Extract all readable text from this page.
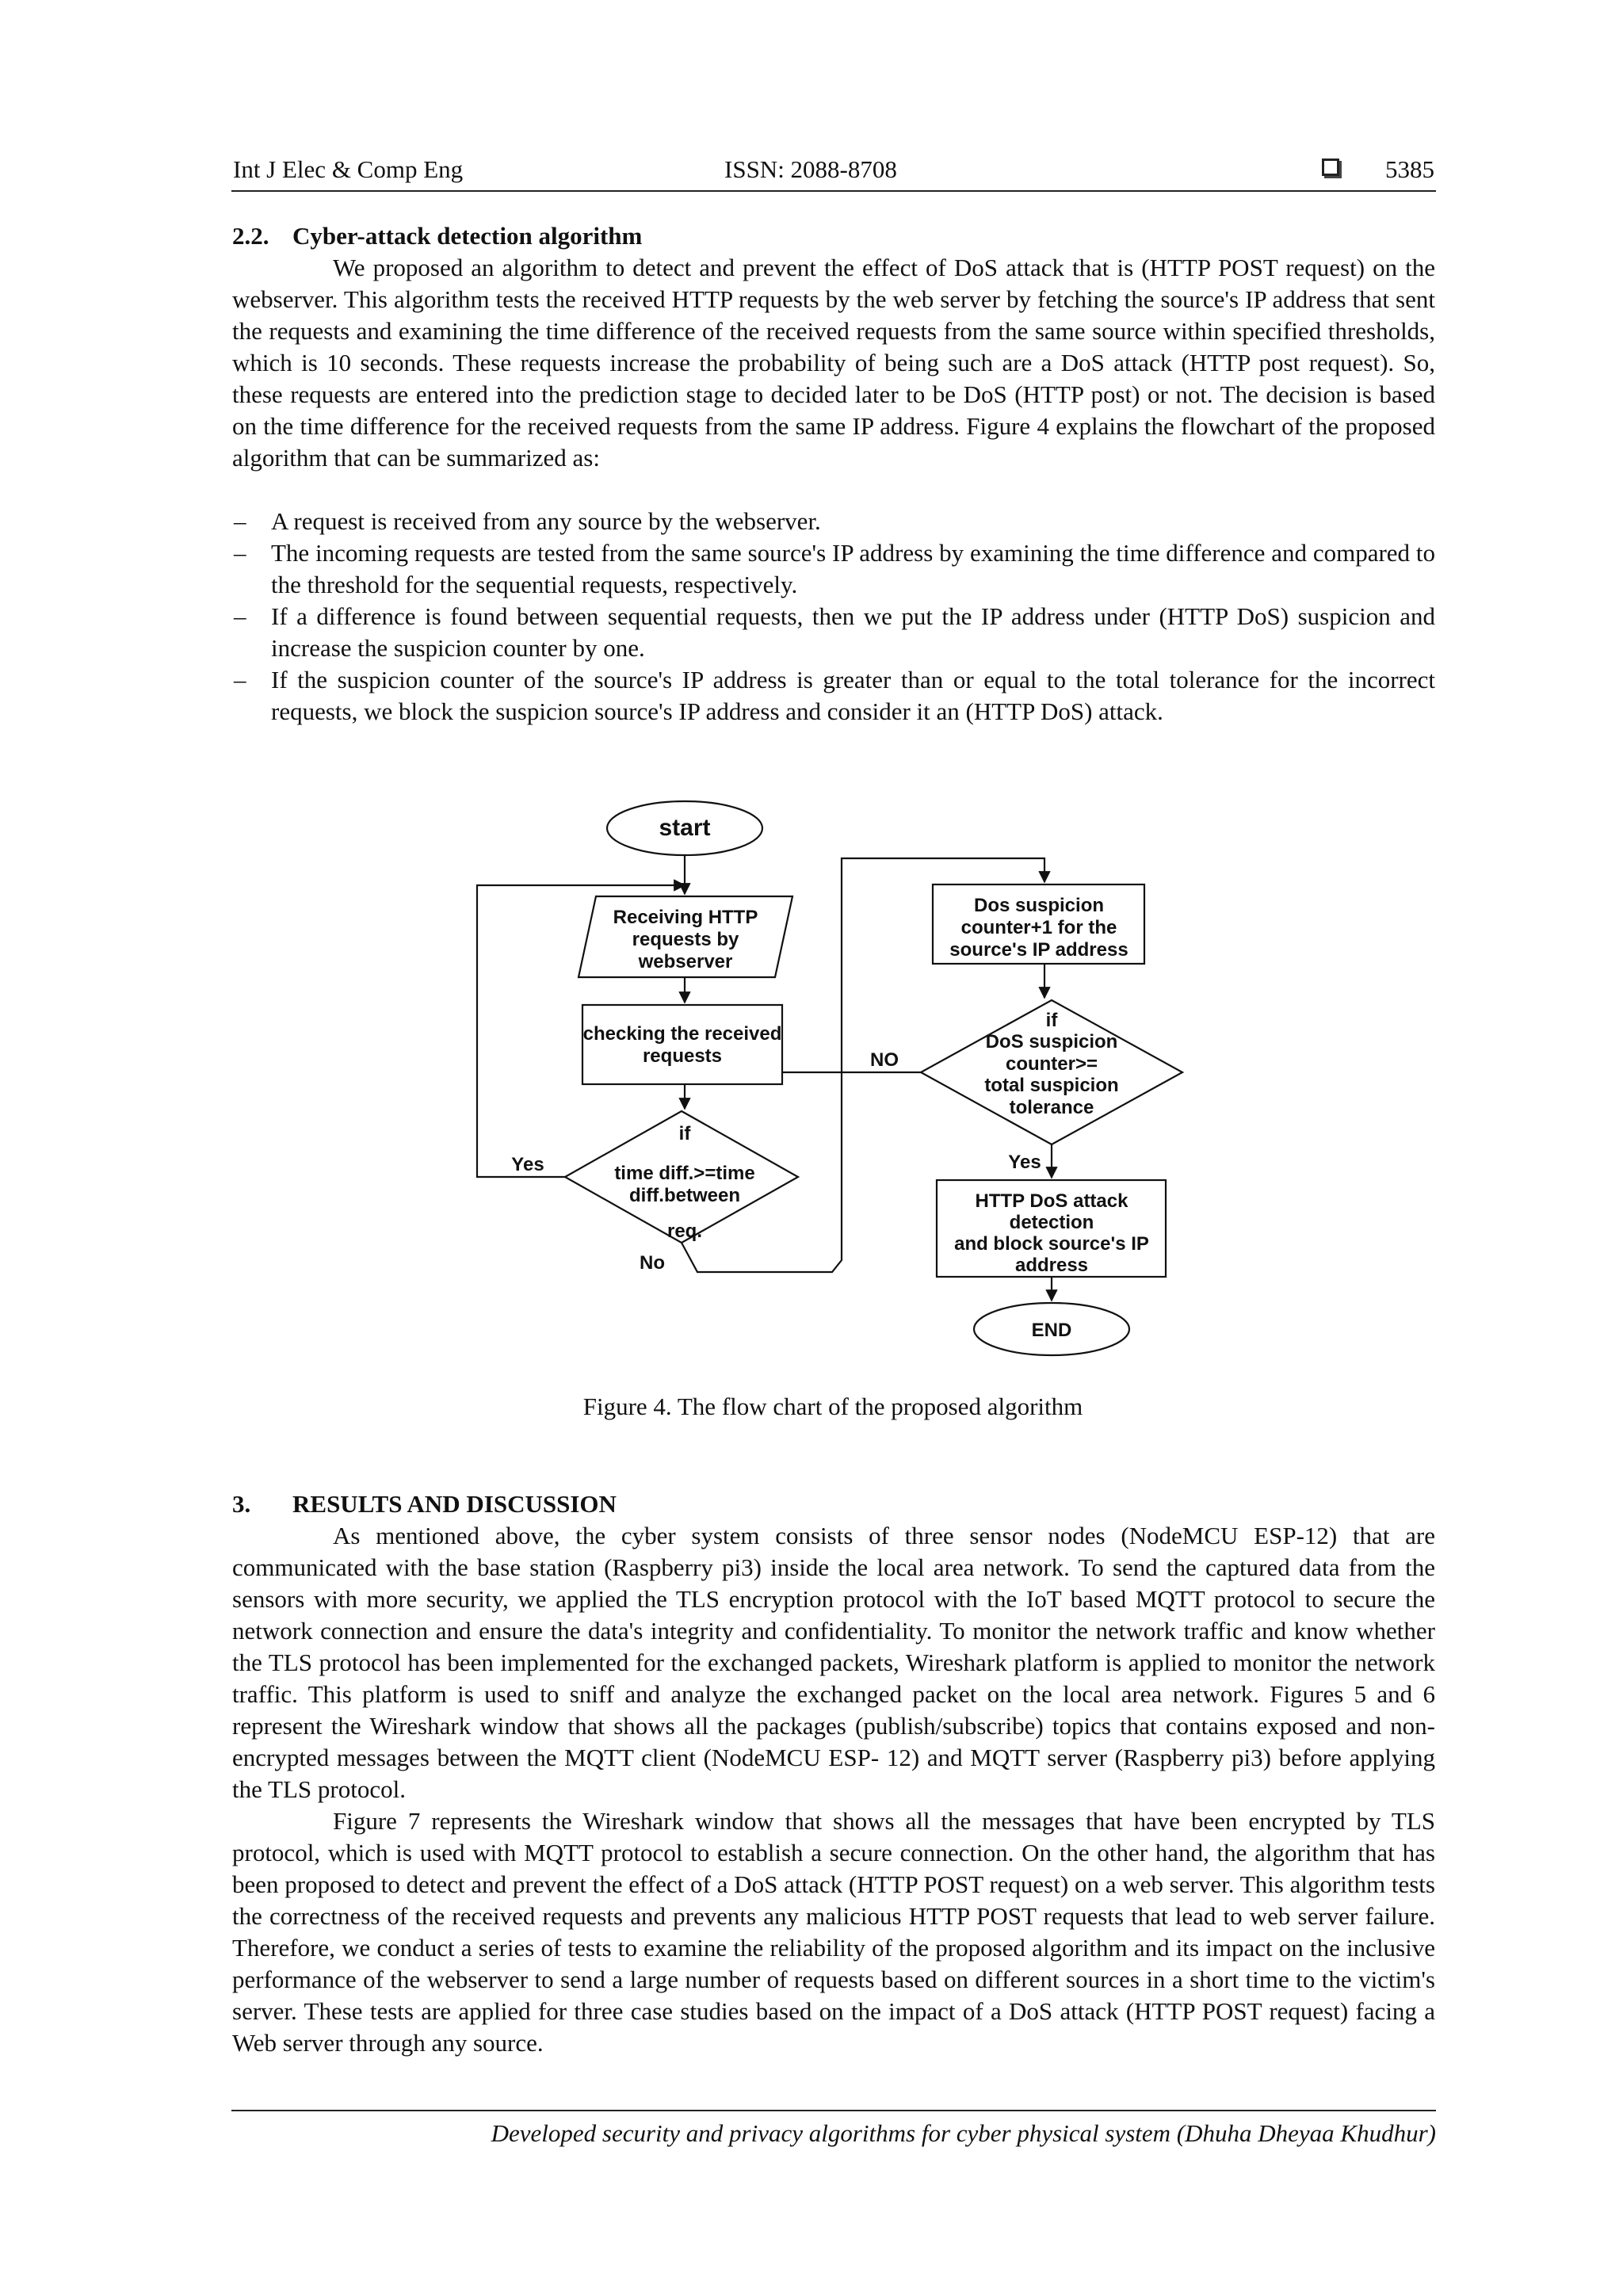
Int J Elec & Comp Eng	ISSN: 2088-8708	5385
2.2. Cyber-attack detection algorithm

We proposed an algorithm to detect and prevent the effect of DoS attack that is (HTTP POST request) on the webserver. This algorithm tests the received HTTP requests by the web server by fetching the source's IP address that sent the requests and examining the time difference of the received requests from the same source within specified thresholds, which is 10 seconds. These requests increase the probability of being such are a DoS attack (HTTP post request). So, these requests are entered into the prediction stage to decided later to be DoS (HTTP post) or not. The decision is based on the time difference for the received requests from the same IP address. Figure 4 explains the flowchart of the proposed algorithm that can be summarized as:

– A request is received from any source by the webserver.
– The incoming requests are tested from the same source's IP address by examining the time difference and compared to the threshold for the sequential requests, respectively.
– If a difference is found between sequential requests, then we put the IP address under (HTTP DoS) suspicion and increase the suspicion counter by one.
– If the suspicion counter of the source's IP address is greater than or equal to the total tolerance for the incorrect requests, we block the suspicion source's IP address and consider it an (HTTP DoS) attack.
start
Receiving HTTP
requests by
webserver
checking the received
requests
if
time diff.>=time
diff.between
req.
Yes
No
NO
Dos suspicion
counter+1 for the
source's IP address
if
DoS suspicion
counter>=
total suspicion
tolerance
Yes
HTTP DoS attack
detection
and block source's IP
address
END
Figure 4. The flow chart of the proposed algorithm
3. RESULTS AND DISCUSSION

As mentioned above, the cyber system consists of three sensor nodes (NodeMCU ESP-12) that are communicated with the base station (Raspberry pi3) inside the local area network. To send the captured data from the sensors with more security, we applied the TLS encryption protocol with the IoT based MQTT protocol to secure the network connection and ensure the data's integrity and confidentiality. To monitor the network traffic and know whether the TLS protocol has been implemented for the exchanged packets, Wireshark platform is applied to monitor the network traffic. This platform is used to sniff and analyze the exchanged packet on the local area network. Figures 5 and 6 represent the Wireshark window that shows all the packages (publish/subscribe) topics that contains exposed and non-encrypted messages between the MQTT client (NodeMCU ESP- 12) and MQTT server (Raspberry pi3) before applying the TLS protocol.

Figure 7 represents the Wireshark window that shows all the messages that have been encrypted by TLS protocol, which is used with MQTT protocol to establish a secure connection. On the other hand, the algorithm that has been proposed to detect and prevent the effect of a DoS attack (HTTP POST request) on a web server. This algorithm tests the correctness of the received requests and prevents any malicious HTTP POST requests that lead to web server failure. Therefore, we conduct a series of tests to examine the reliability of the proposed algorithm and its impact on the inclusive performance of the webserver to send a large number of requests based on different sources in a short time to the victim's server. These tests are applied for three case studies based on the impact of a DoS attack (HTTP POST request) facing a Web server through any source.

Developed security and privacy algorithms for cyber physical system (Dhuha Dheyaa Khudhur)
